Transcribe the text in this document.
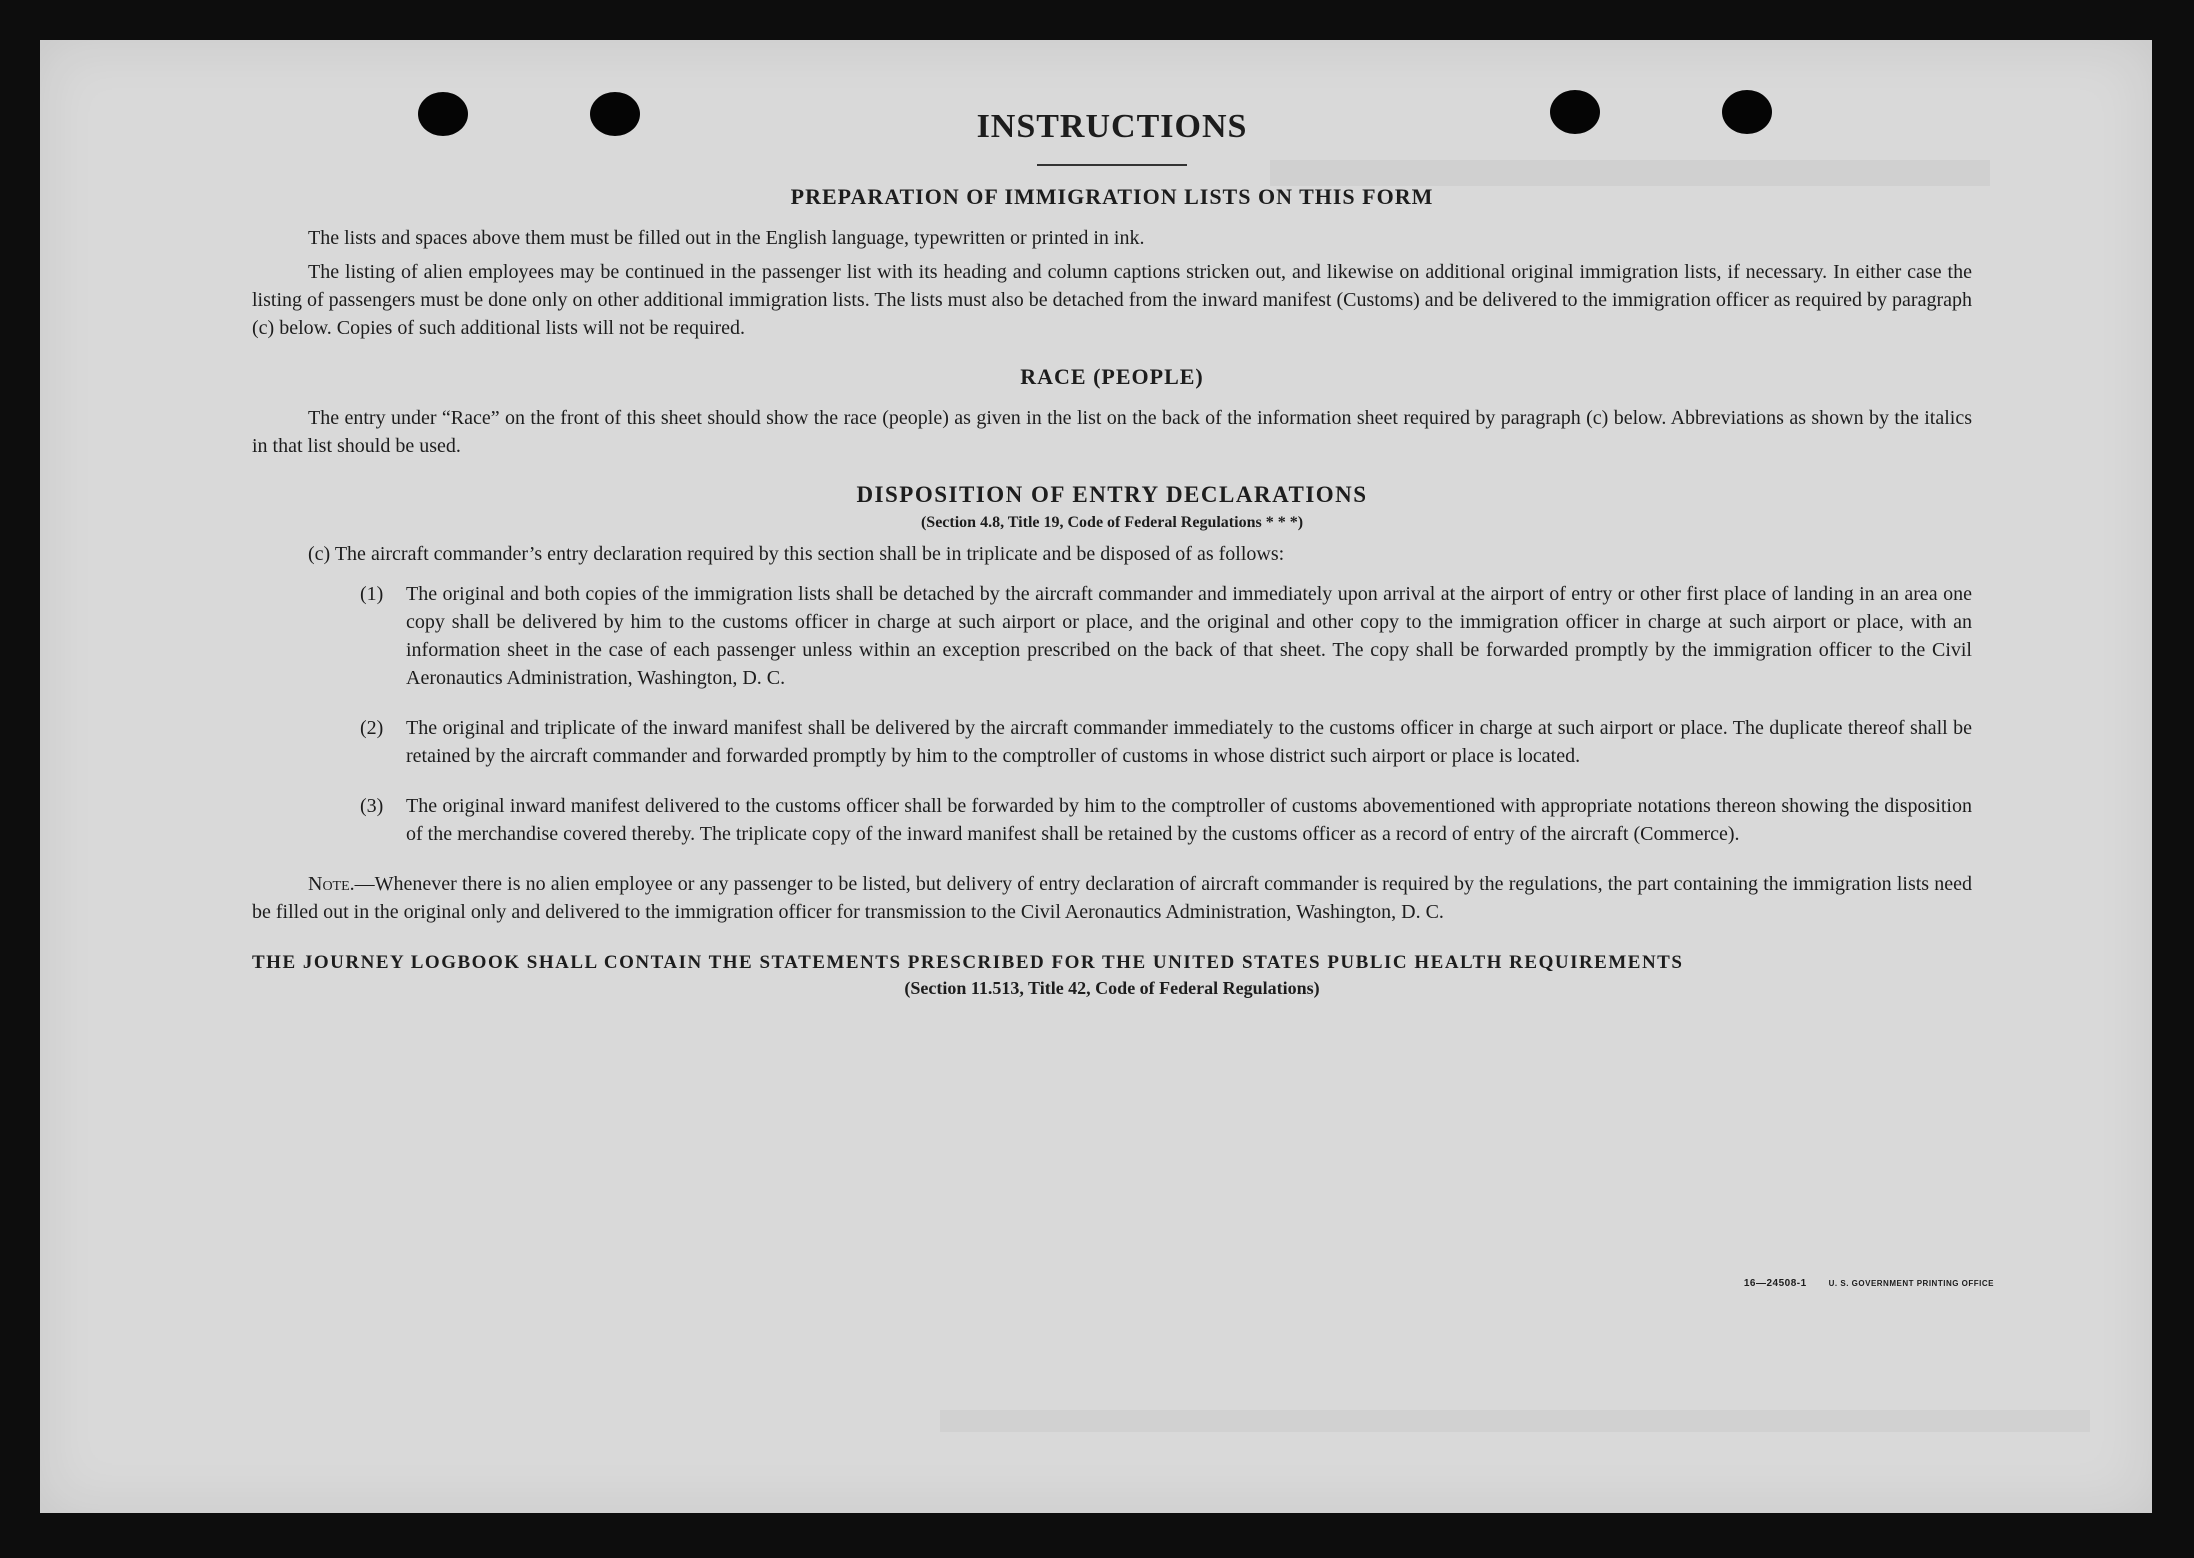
INSTRUCTIONS
PREPARATION OF IMMIGRATION LISTS ON THIS FORM

The lists and spaces above them must be filled out in the English language, typewritten or printed in ink.

The listing of alien employees may be continued in the passenger list with its heading and column captions stricken out, and likewise on additional original immigration lists, if necessary. In either case the listing of passengers must be done only on other additional immigration lists. The lists must also be detached from the inward manifest (Customs) and be delivered to the immigration officer as required by paragraph (c) below. Copies of such additional lists will not be required.

RACE (PEOPLE)

The entry under “Race” on the front of this sheet should show the race (people) as given in the list on the back of the information sheet required by paragraph (c) below. Abbreviations as shown by the italics in that list should be used.

DISPOSITION OF ENTRY DECLARATIONS
(Section 4.8, Title 19, Code of Federal Regulations * * *)
(c) The aircraft commander’s entry declaration required by this section shall be in triplicate and be disposed of as follows:
(1)	The original and both copies of the immigration lists shall be detached by the aircraft commander and immediately upon arrival at the airport of entry or other first place of landing in an area one copy shall be delivered by him to the customs officer in charge at such airport or place, and the original and other copy to the immigration officer in charge at such airport or place, with an information sheet in the case of each passenger unless within an exception prescribed on the back of that sheet. The copy shall be forwarded promptly by the immigration officer to the Civil Aeronautics Administration, Washington, D. C.
(2)	The original and triplicate of the inward manifest shall be delivered by the aircraft commander immediately to the customs officer in charge at such airport or place. The duplicate thereof shall be retained by the aircraft commander and forwarded promptly by him to the comptroller of customs in whose district such airport or place is located.
(3)	The original inward manifest delivered to the customs officer shall be forwarded by him to the comptroller of customs abovementioned with appropriate notations thereon showing the disposition of the merchandise covered thereby. The triplicate copy of the inward manifest shall be retained by the customs officer as a record of entry of the aircraft (Commerce).

Note.—Whenever there is no alien employee or any passenger to be listed, but delivery of entry declaration of aircraft commander is required by the regulations, the part containing the immigration lists need be filled out in the original only and delivered to the immigration officer for transmission to the Civil Aeronautics Administration, Washington, D. C.

THE JOURNEY LOGBOOK SHALL CONTAIN THE STATEMENTS PRESCRIBED FOR THE UNITED STATES PUBLIC HEALTH REQUIREMENTS
(Section 11.513, Title 42, Code of Federal Regulations)
16—24508-1	U. S. GOVERNMENT PRINTING OFFICE
